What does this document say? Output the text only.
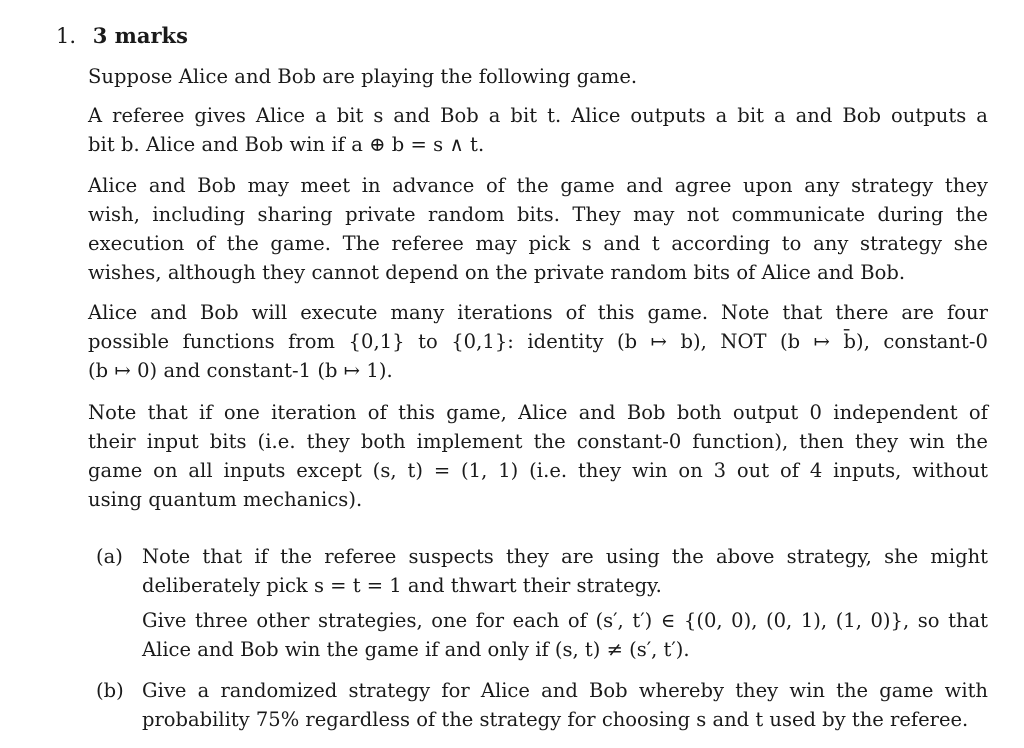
1. 3 marks
Suppose Alice and Bob are playing the following game.
A referee gives Alice a bit s and Bob a bit t. Alice outputs a bit a and Bob outputs a
bit b. Alice and Bob win if a ⊕ b = s ∧ t.
Alice and Bob may meet in advance of the game and agree upon any strategy they
wish, including sharing private random bits. They may not communicate during the
execution of the game. The referee may pick s and t according to any strategy she
wishes, although they cannot depend on the private random bits of Alice and Bob.
Alice and Bob will execute many iterations of this game. Note that there are four
possible functions from {0,1} to {0,1}: identity (b ↦ b), NOT (b ↦ b̄), constant-0
(b ↦ 0) and constant-1 (b ↦ 1).
Note that if one iteration of this game, Alice and Bob both output 0 independent of
their input bits (i.e. they both implement the constant-0 function), then they win the
game on all inputs except (s, t) = (1, 1) (i.e. they win on 3 out of 4 inputs, without
using quantum mechanics).
(a) Note that if the referee suspects they are using the above strategy, she might
deliberately pick s = t = 1 and thwart their strategy.
Give three other strategies, one for each of (s′, t′) ∈ {(0, 0), (0, 1), (1, 0)}, so that
Alice and Bob win the game if and only if (s, t) ≠ (s′, t′).
(b) Give a randomized strategy for Alice and Bob whereby they win the game with
probability 75% regardless of the strategy for choosing s and t used by the referee.
